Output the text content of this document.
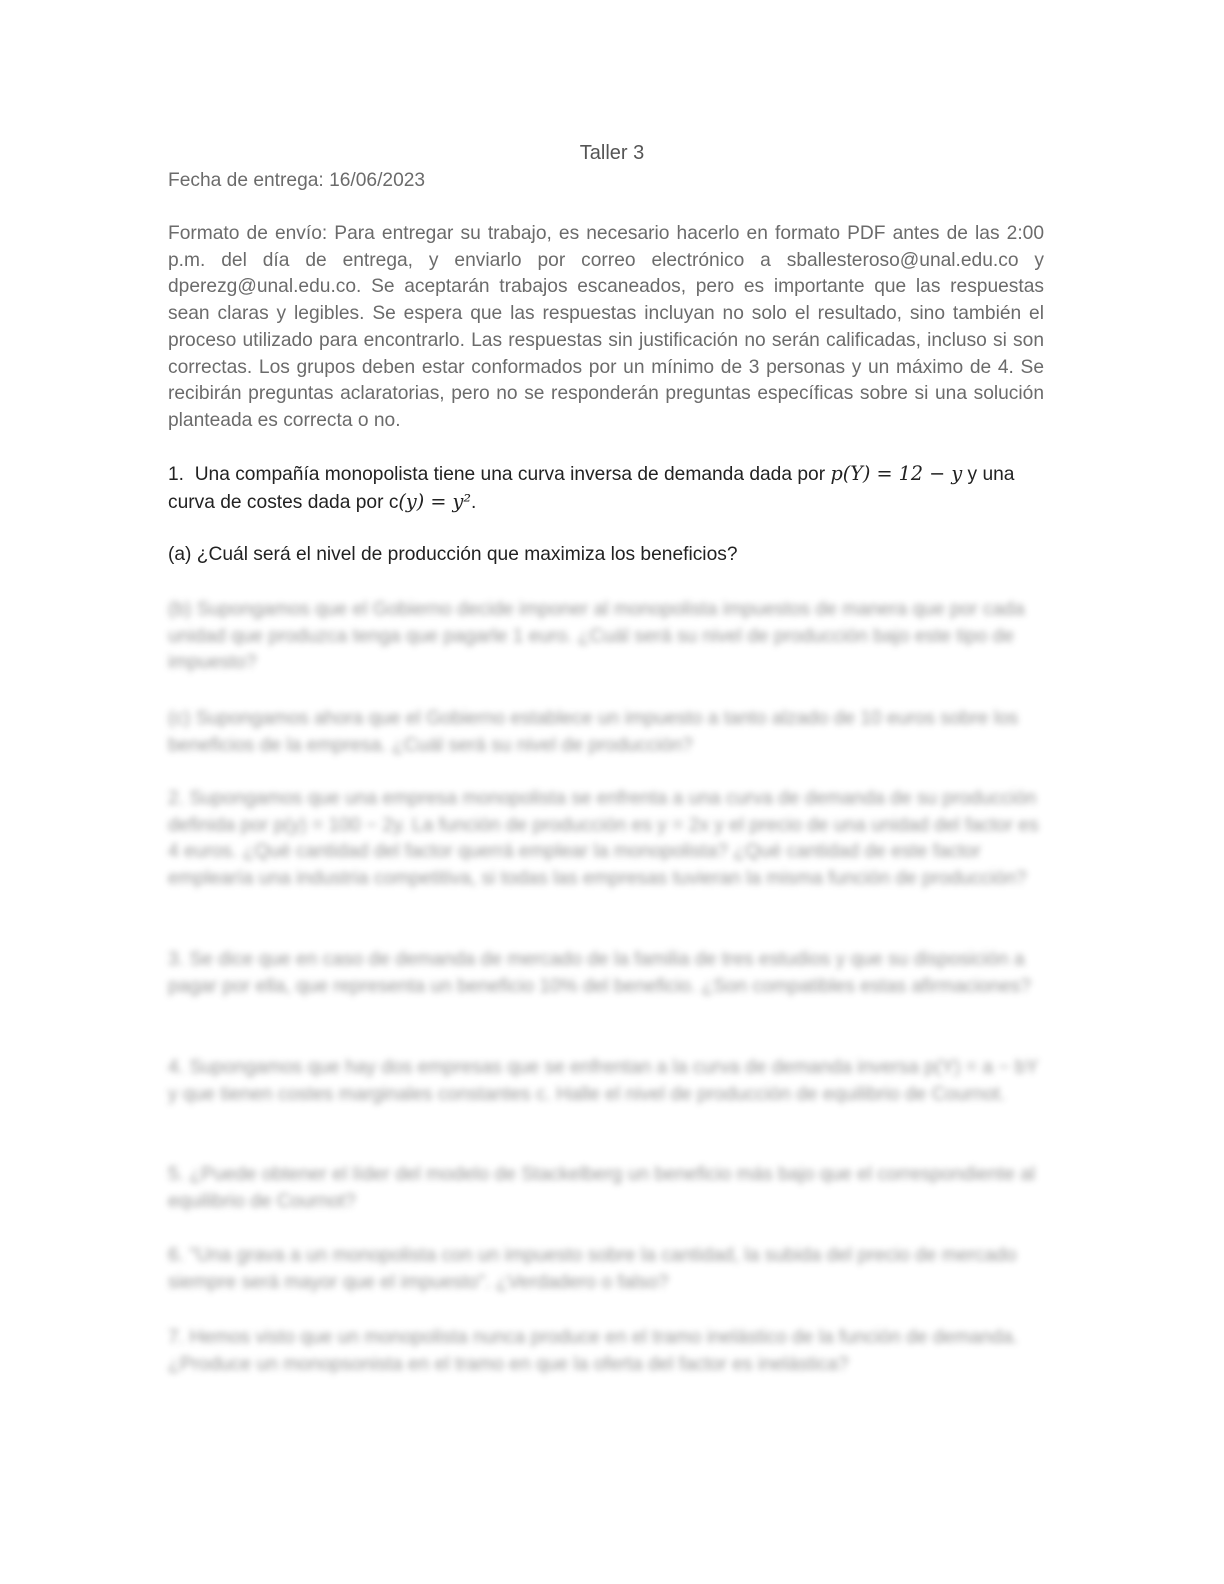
Taller 3
Fecha de entrega: 16/06/2023
Formato de envío: Para entregar su trabajo, es necesario hacerlo en formato PDF antes de las 2:00 p.m. del día de entrega, y enviarlo por correo electrónico a sballesteroso@unal.edu.co y dperezg@unal.edu.co. Se aceptarán trabajos escaneados, pero es importante que las respuestas sean claras y legibles. Se espera que las respuestas incluyan no solo el resultado, sino también el proceso utilizado para encontrarlo. Las respuestas sin justificación no serán calificadas, incluso si son correctas. Los grupos deben estar conformados por un mínimo de 3 personas y un máximo de 4. Se recibirán preguntas aclaratorias, pero no se responderán preguntas específicas sobre si una solución planteada es correcta o no.
1. Una compañía monopolista tiene una curva inversa de demanda dada por p(Y) = 12 − y y una curva de costes dada por c(y) = y².
(a) ¿Cuál será el nivel de producción que maximiza los beneficios?
(b) Supongamos que el Gobierno decide imponer al monopolista impuestos de manera que por cada unidad que produzca tenga que pagarle 1 euro. ¿Cuál será su nivel de producción bajo este tipo de impuesto?
(c) Supongamos ahora que el Gobierno establece un impuesto a tanto alzado de 10 euros sobre los beneficios de la empresa. ¿Cuál será su nivel de producción?
2. Supongamos que una empresa monopolista se enfrenta a una curva de demanda de su producción definida por p(y) = 100 − 2y. La función de producción es y = 2x y el precio de una unidad del factor es 4 euros. ¿Qué cantidad del factor querrá emplear la monopolista? ¿Qué cantidad de este factor emplearía una industria competitiva, si todas las empresas tuvieran la misma función de producción?
3. Se dice que en caso de demanda de mercado de la familia de tres estudios y que su disposición a pagar por ella, que representa un beneficio 10% del beneficio. ¿Son compatibles estas afirmaciones?
4. Supongamos que hay dos empresas que se enfrentan a la curva de demanda inversa p(Y) = a − bY y que tienen costes marginales constantes c. Halle el nivel de producción de equilibrio de Cournot.
5. ¿Puede obtener el líder del modelo de Stackelberg un beneficio más bajo que el correspondiente al equilibrio de Cournot?
6. "Una grava a un monopolista con un impuesto sobre la cantidad, la subida del precio de mercado siempre será mayor que el impuesto". ¿Verdadero o falso?
7. Hemos visto que un monopolista nunca produce en el tramo inelástico de la función de demanda. ¿Produce un monopsonista en el tramo en que la oferta del factor es inelástica?
